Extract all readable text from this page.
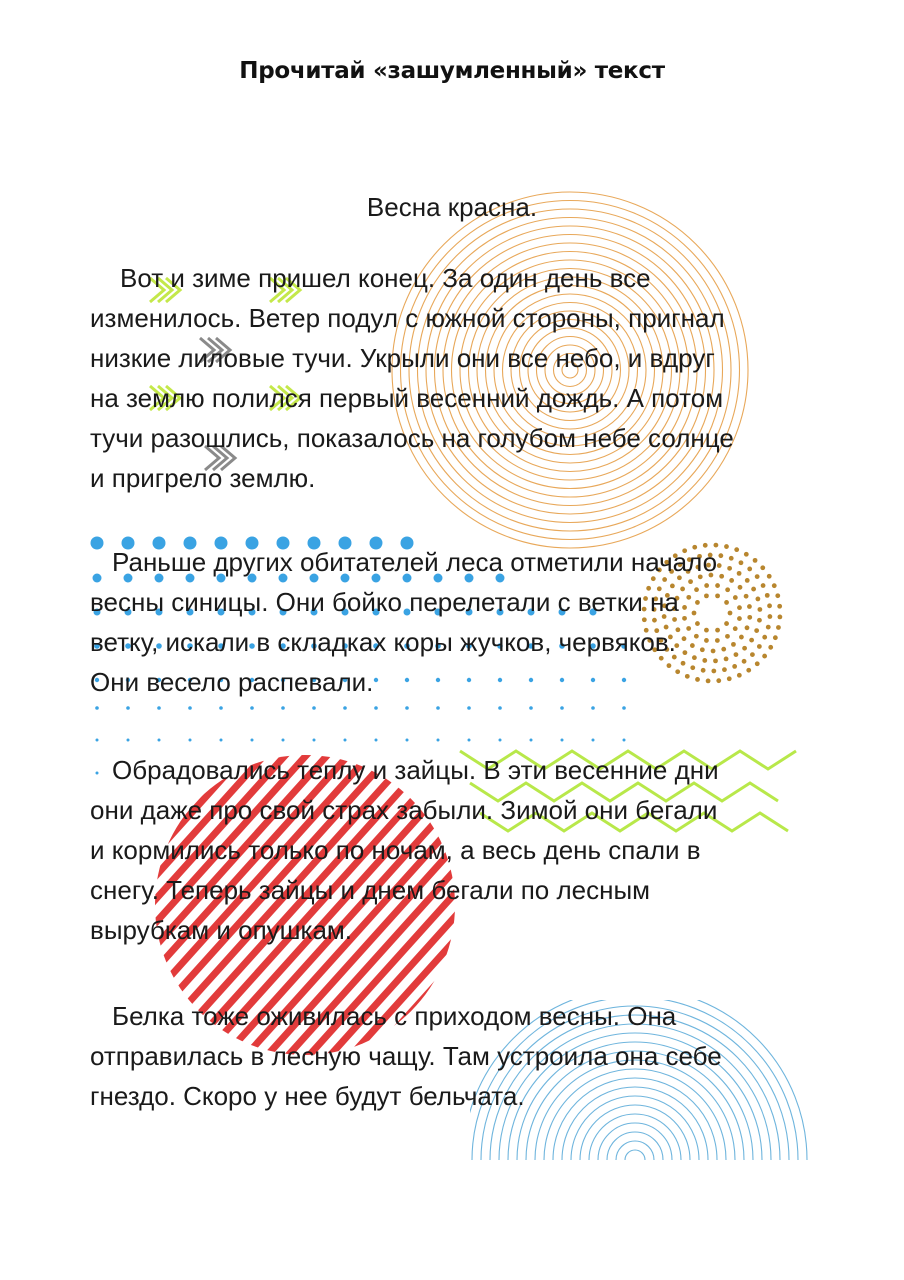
Прочитай «зашумленный» текст
Весна красна.
Вот и зиме пришел конец. За один день все
изменилось. Ветер подул с южной стороны, пригнал
низкие лиловые тучи. Укрыли они все небо, и вдруг
на землю полился первый весенний дождь. А потом
тучи разошлись, показалось на голубом небе солнце
и пригрело землю.
Раньше других обитателей леса отметили начало
весны синицы. Они бойко перелетали с ветки на
ветку, искали в складках коры жучков, червяков.
Они весело распевали.
Обрадовались теплу и зайцы. В эти весенние дни
они даже про свой страх забыли. Зимой они бегали
и кормились только по ночам, а весь день спали в
снегу. Теперь зайцы и днем бегали по лесным
вырубкам и опушкам.
Белка тоже оживилась с приходом весны. Она
отправилась в лесную чащу. Там устроила она себе
гнездо. Скоро у нее будут бельчата.
